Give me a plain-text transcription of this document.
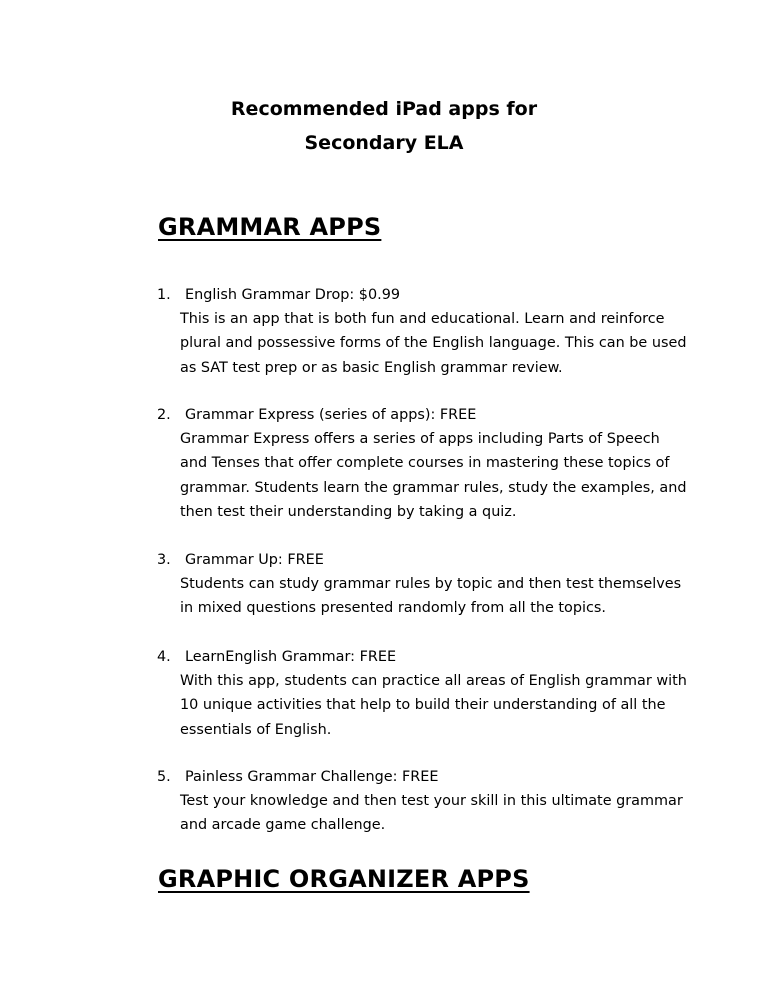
Recommended iPad apps for
Secondary ELA
GRAMMAR APPS
1. English Grammar Drop: $0.99
This is an app that is both fun and educational. Learn and reinforce
plural and possessive forms of the English language. This can be used
as SAT test prep or as basic English grammar review.
2. Grammar Express (series of apps): FREE
Grammar Express offers a series of apps including Parts of Speech
and Tenses that offer complete courses in mastering these topics of
grammar. Students learn the grammar rules, study the examples, and
then test their understanding by taking a quiz.
3. Grammar Up: FREE
Students can study grammar rules by topic and then test themselves
in mixed questions presented randomly from all the topics.
4. LearnEnglish Grammar: FREE
With this app, students can practice all areas of English grammar with
10 unique activities that help to build their understanding of all the
essentials of English.
5. Painless Grammar Challenge: FREE
Test your knowledge and then test your skill in this ultimate grammar
and arcade game challenge.
GRAPHIC ORGANIZER APPS
